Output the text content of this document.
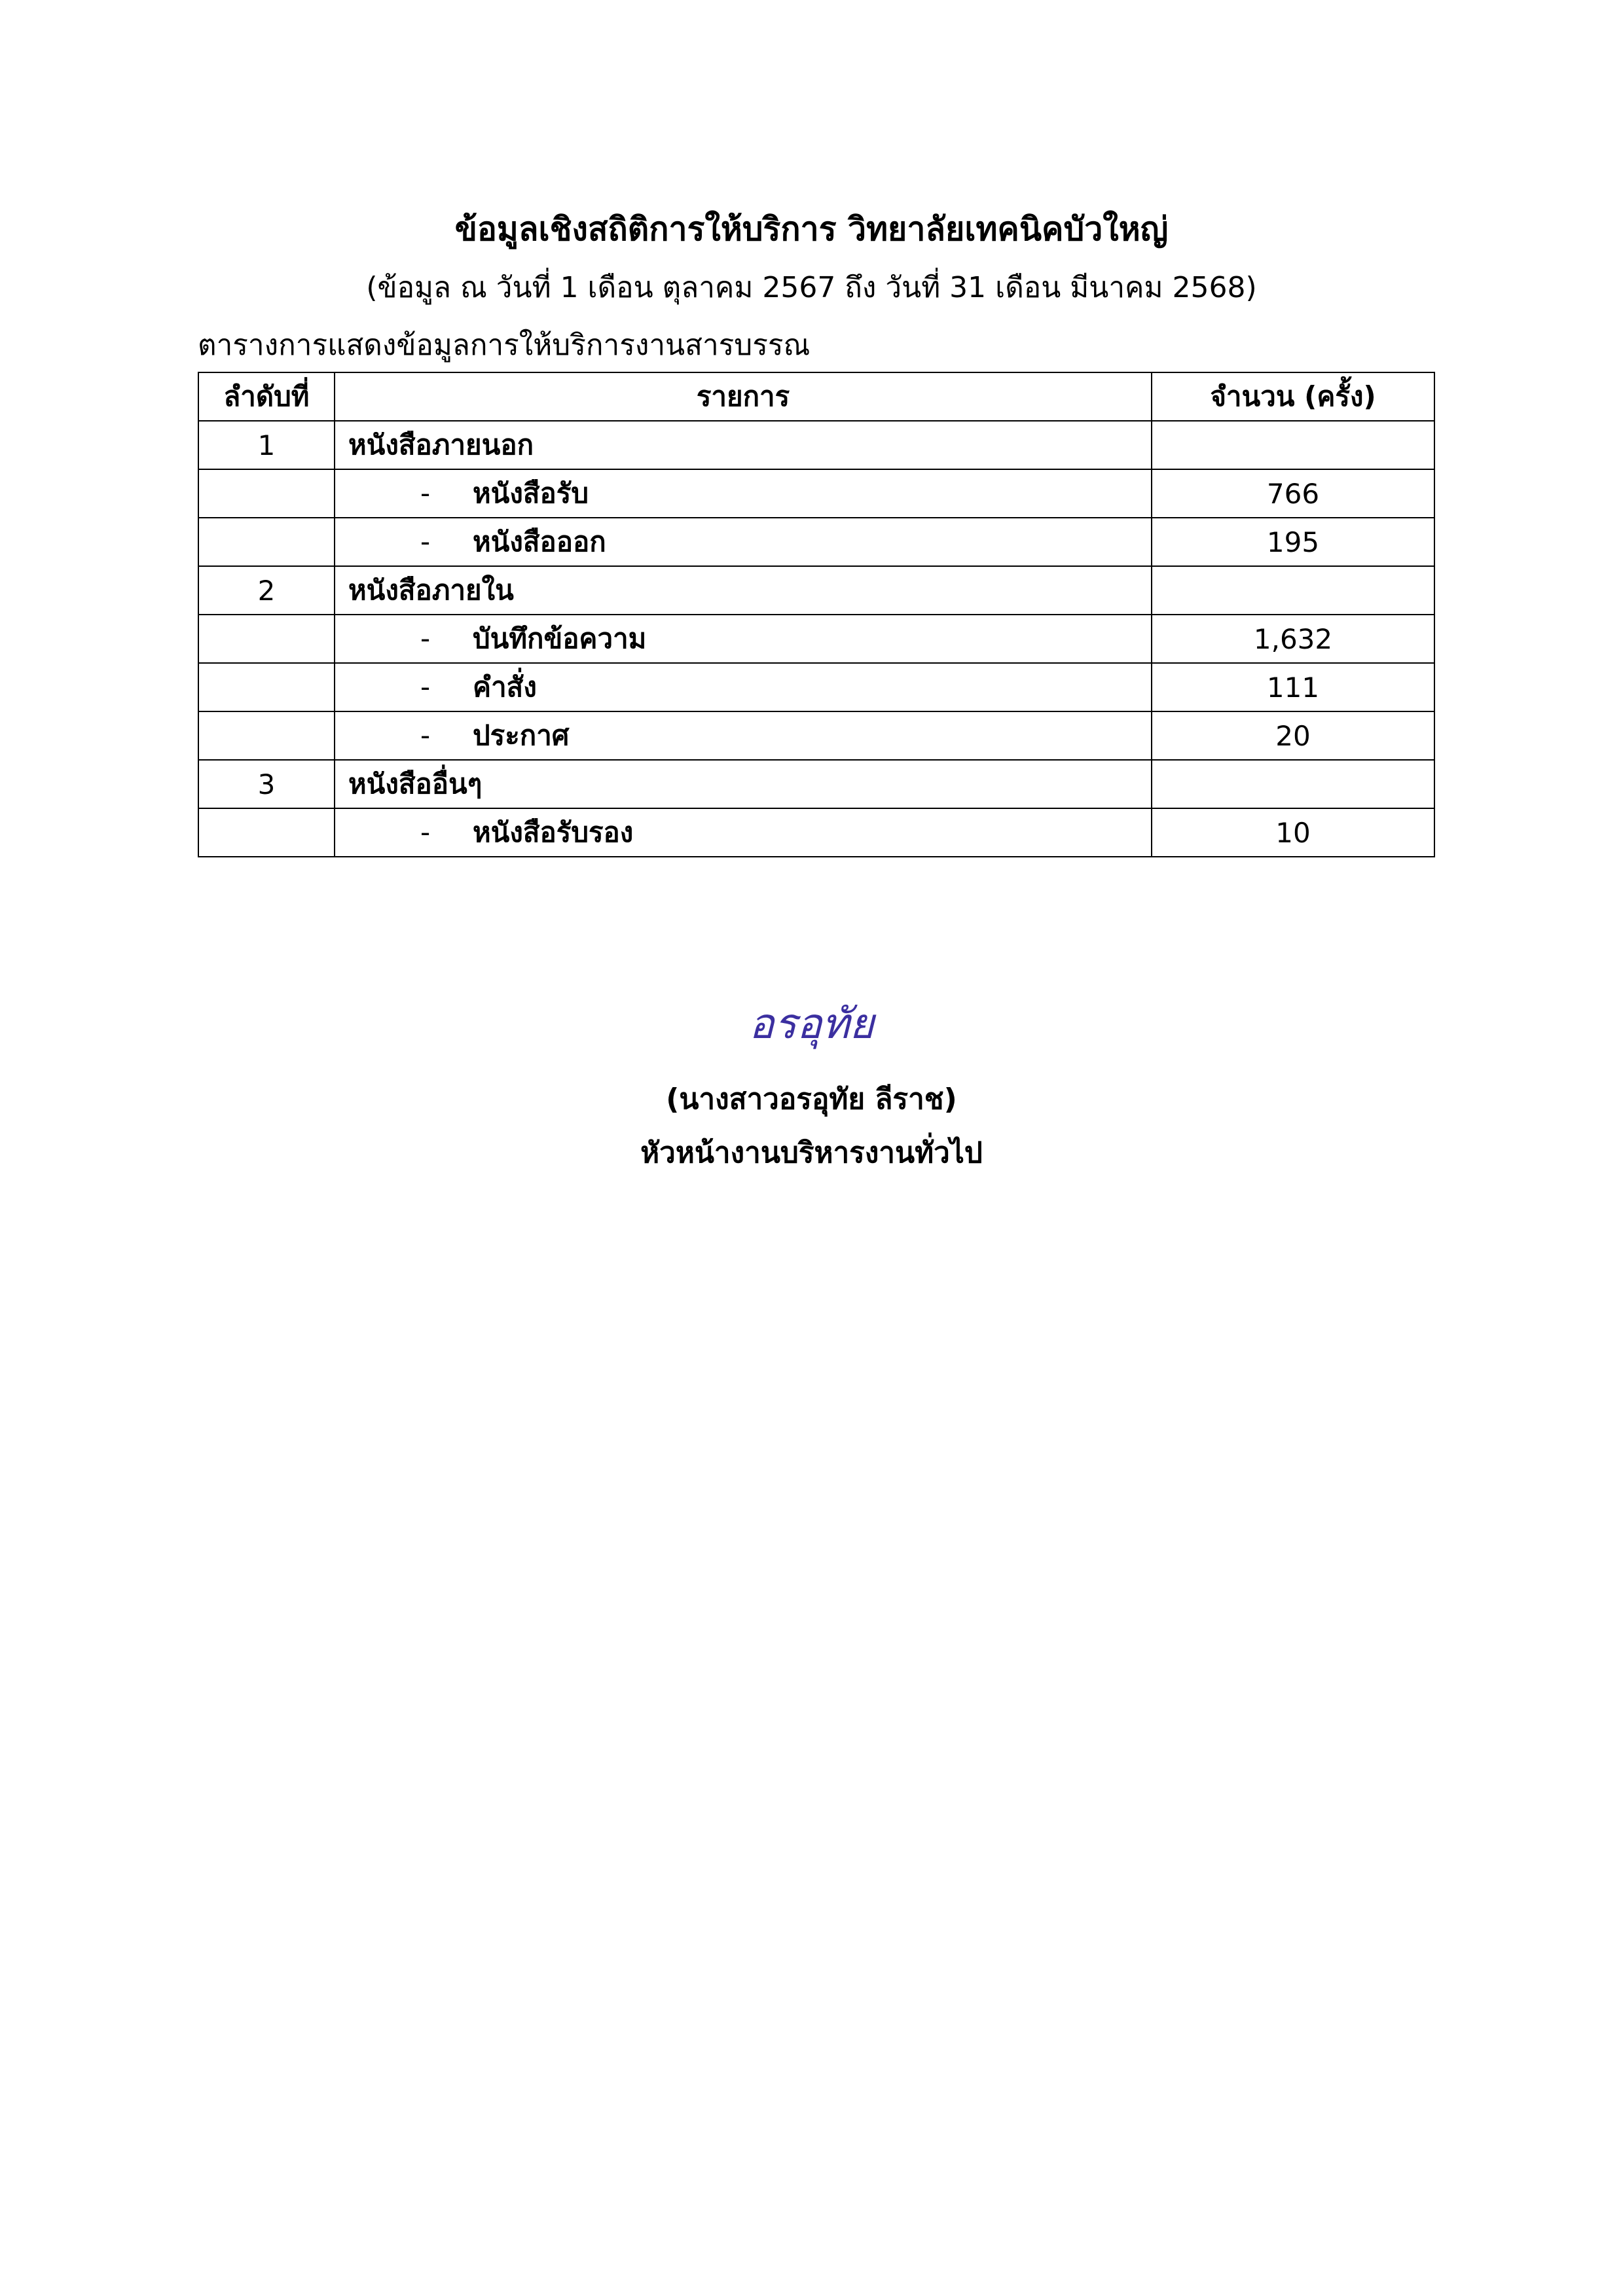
ข้อมูลเชิงสถิติการให้บริการ วิทยาลัยเทคนิคบัวใหญ่
(ข้อมูล ณ วันที่ 1 เดือน ตุลาคม 2567 ถึง วันที่ 31 เดือน มีนาคม 2568)
ตารางการแสดงข้อมูลการให้บริการงานสารบรรณ
ลำดับที่	รายการ	จำนวน (ครั้ง)
1	หนังสือภายนอก	
	- หนังสือรับ	766
	- หนังสือออก	195
2	หนังสือภายใน	
	- บันทึกข้อความ	1,632
	- คำสั่ง	111
	- ประกาศ	20
3	หนังสืออื่นๆ	
	- หนังสือรับรอง	10
อรอุทัย
(นางสาวอรอุทัย ลีราช)
หัวหน้างานบริหารงานทั่วไป
